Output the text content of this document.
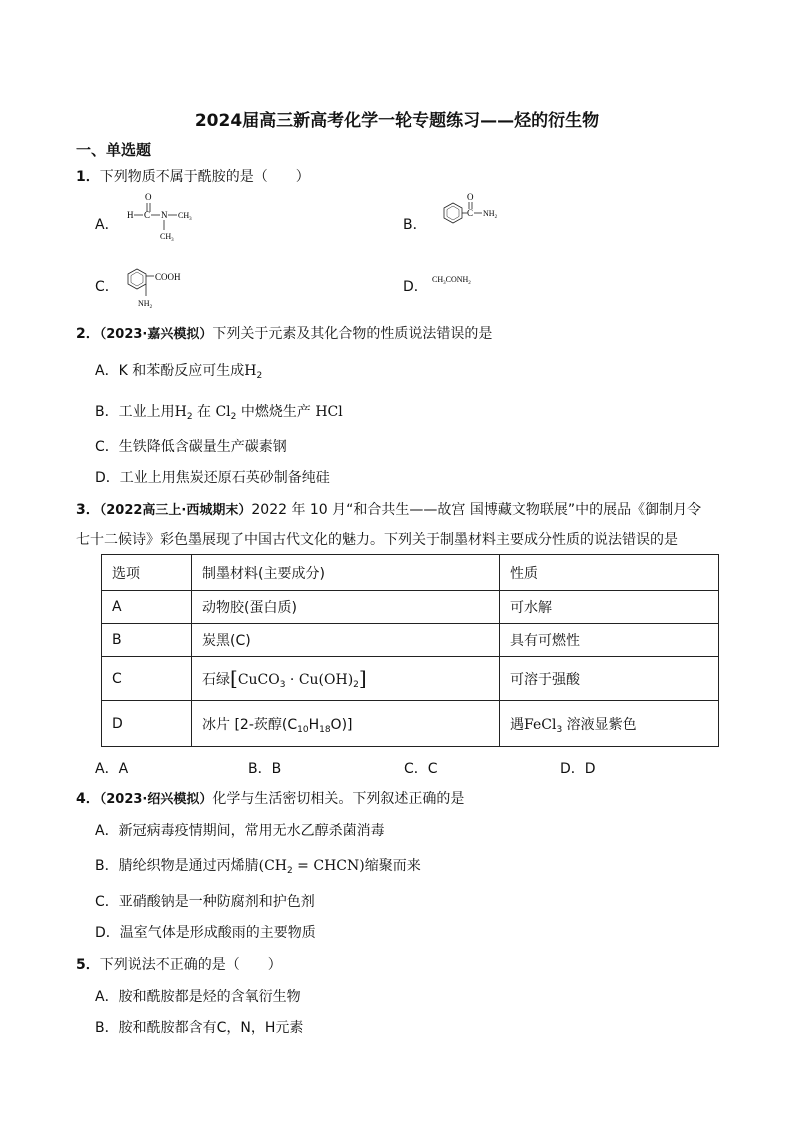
2024届高三新高考化学一轮专题练习——烃的衍生物
一、单选题
1．下列物质不属于酰胺的是（　　）
A．
O
H C N $CH_3$
$CH_3$
B．
O
C $NH_2$
C．
COOH
$NH_2$
D． $CH_3CONH_2$
2．（2023·嘉兴模拟）下列关于元素及其化合物的性质说法错误的是
A．K 和苯酚反应可生成$H_2$
B．工业上用$H_2$ 在 $Cl_2$ 中燃烧生产 HCl
C．生铁降低含碳量生产碳素钢
D．工业上用焦炭还原石英砂制备纯硅
3．（2022高三上·西城期末）2022 年 10 月“和合共生——故宫 国博藏文物联展”中的展品《御制月令
七十二候诗》彩色墨展现了中国古代文化的魅力。下列关于制墨材料主要成分性质的说法错误的是
选项	制墨材料(主要成分)	性质
A	动物胶(蛋白质)	可水解
B	炭黑(C)	具有可燃性
C	石绿[CuCO$_3$ · $Cu(OH)_2$]	可溶于强酸
D	冰片 [2-莰醇$(C_{10}H_{18}O)$]	遇FeCl$_3$ 溶液显紫色
A．A	B．B	C．C	D．D
4．（2023·绍兴模拟）化学与生活密切相关。下列叙述正确的是
A．新冠病毒疫情期间，常用无水乙醇杀菌消毒
B．腈纶织物是通过丙烯腈($CH_2$ = CHCN)缩聚而来
C．亚硝酸钠是一种防腐剂和护色剂
D．温室气体是形成酸雨的主要物质
5．下列说法不正确的是（　　）
A．胺和酰胺都是烃的含氧衍生物
B．胺和酰胺都含有C，N，H元素
